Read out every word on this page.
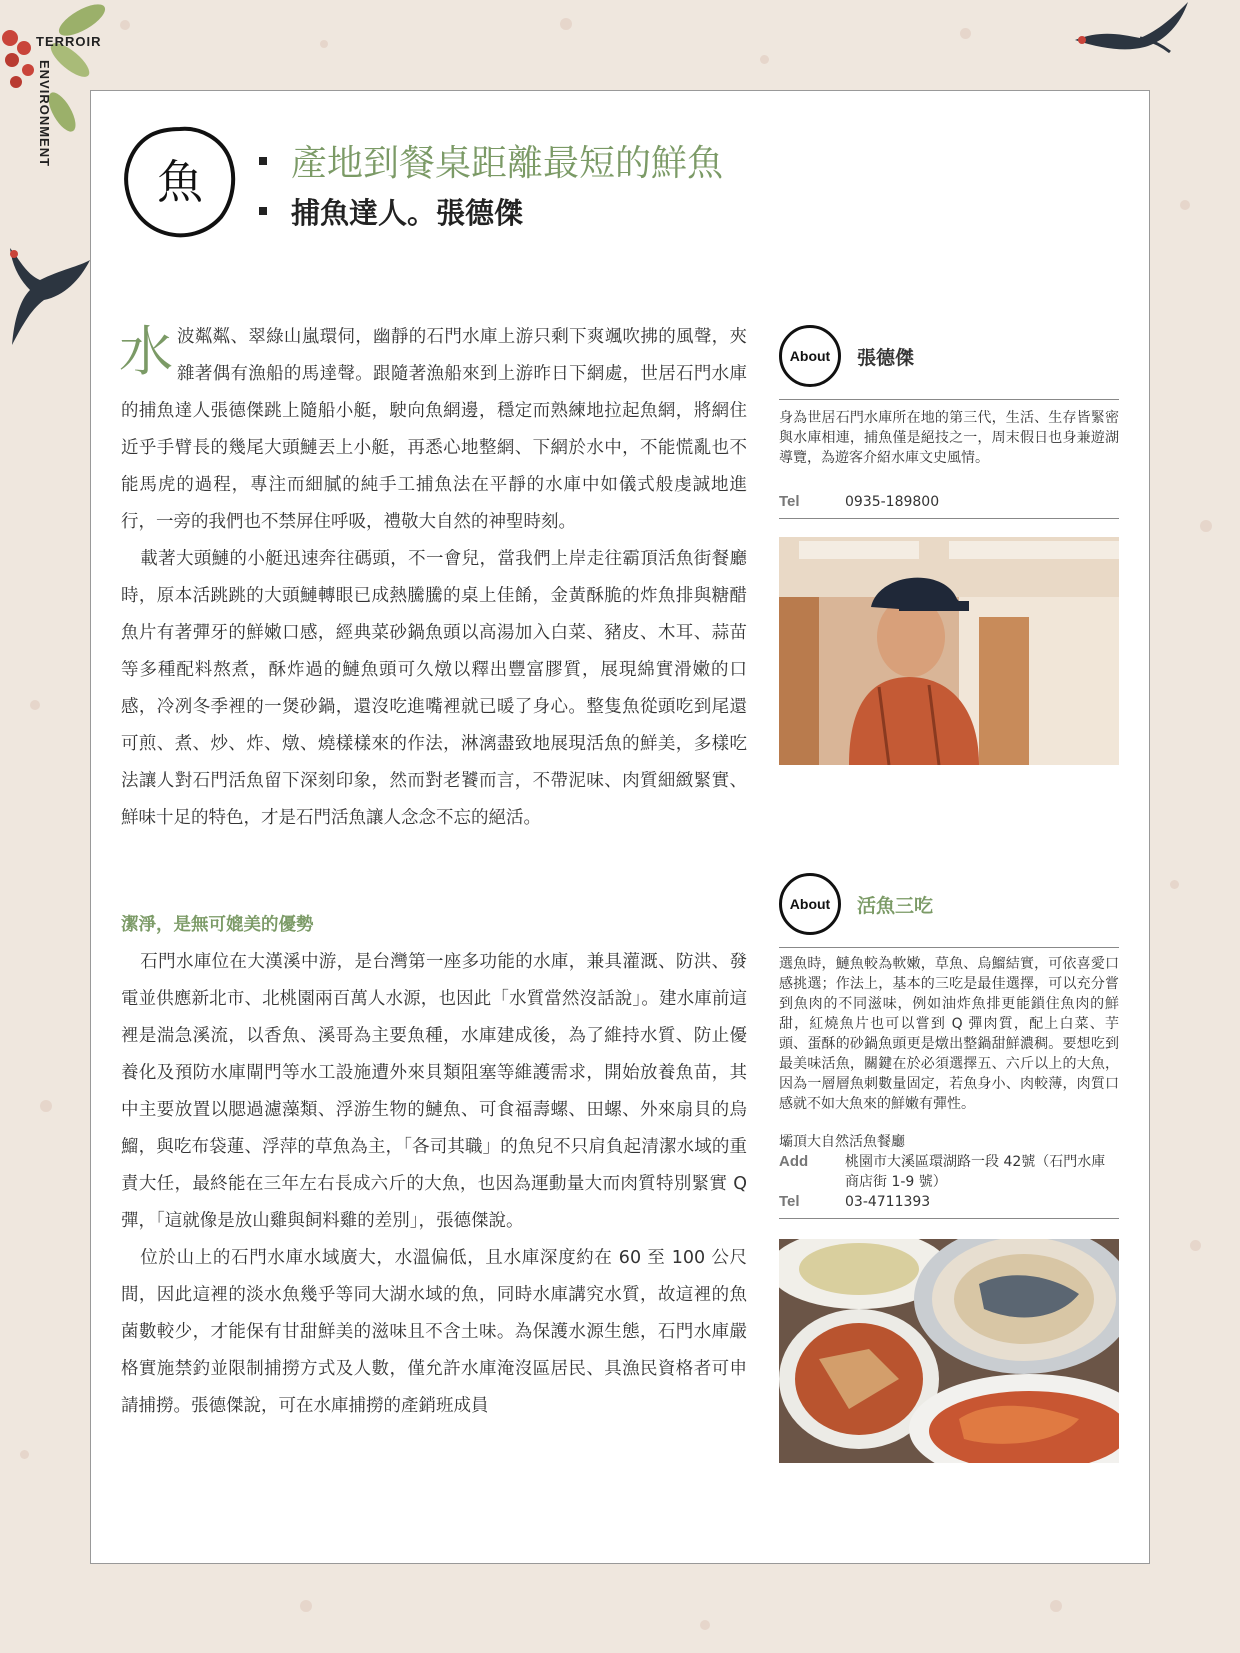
TERROIR
ENVIRONMENT
魚	產地到餐桌距離最短的鮮魚
捕魚達人。張德傑

水波粼粼、翠綠山嵐環伺，幽靜的石門水庫上游只剩下爽颯吹拂的風聲，夾雜著偶有漁船的馬達聲。跟隨著漁船來到上游昨日下網處，世居石門水庫的捕魚達人張德傑跳上隨船小艇，駛向魚網邊，穩定而熟練地拉起魚網，將網住近乎手臂長的幾尾大頭鰱丟上小艇，再悉心地整網、下網於水中，不能慌亂也不能馬虎的過程，專注而細膩的純手工捕魚法在平靜的水庫中如儀式般虔誠地進行，一旁的我們也不禁屏住呼吸，禮敬大自然的神聖時刻。

載著大頭鰱的小艇迅速奔往碼頭，不一會兒，當我們上岸走往霸頂活魚街餐廳時，原本活跳跳的大頭鰱轉眼已成熱騰騰的桌上佳餚，金黃酥脆的炸魚排與糖醋魚片有著彈牙的鮮嫩口感，經典菜砂鍋魚頭以高湯加入白菜、豬皮、木耳、蒜苗等多種配料熬煮，酥炸過的鰱魚頭可久燉以釋出豐富膠質，展現綿實滑嫩的口感，冷冽冬季裡的一煲砂鍋，還沒吃進嘴裡就已暖了身心。整隻魚從頭吃到尾還可煎、煮、炒、炸、燉、燒樣樣來的作法，淋漓盡致地展現活魚的鮮美，多樣吃法讓人對石門活魚留下深刻印象，然而對老饕而言，不帶泥味、肉質細緻緊實、鮮味十足的特色，才是石門活魚讓人念念不忘的絕活。

潔淨，是無可媲美的優勢

石門水庫位在大漢溪中游，是台灣第一座多功能的水庫，兼具灌溉、防洪、發電並供應新北市、北桃園兩百萬人水源，也因此「水質當然沒話說」。建水庫前這裡是湍急溪流，以香魚、溪哥為主要魚種，水庫建成後，為了維持水質、防止優養化及預防水庫閘門等水工設施遭外來貝類阻塞等維護需求，開始放養魚苗，其中主要放置以腮過濾藻類、浮游生物的鰱魚、可食福壽螺、田螺、外來扇貝的烏鰡，與吃布袋蓮、浮萍的草魚為主，「各司其職」的魚兒不只肩負起清潔水域的重責大任，最終能在三年左右長成六斤的大魚，也因為運動量大而肉質特別緊實 Q 彈，「這就像是放山雞與飼料雞的差別」，張德傑說。

位於山上的石門水庫水域廣大，水溫偏低，且水庫深度約在 60 至 100 公尺間，因此這裡的淡水魚幾乎等同大湖水域的魚，同時水庫講究水質，故這裡的魚菌數較少，才能保有甘甜鮮美的滋味且不含土味。為保護水源生態，石門水庫嚴格實施禁釣並限制捕撈方式及人數，僅允許水庫淹沒區居民、具漁民資格者可申請捕撈。張德傑說，可在水庫捕撈的產銷班成員

About	張德傑
身為世居石門水庫所在地的第三代，生活、生存皆緊密與水庫相連，捕魚僅是絕技之一，周末假日也身兼遊湖導覽，為遊客介紹水庫文史風情。
Tel	0935-189800
About	活魚三吃
選魚時，鰱魚較為軟嫩，草魚、烏鰡結實，可依喜愛口感挑選；作法上，基本的三吃是最佳選擇，可以充分嘗到魚肉的不同滋味，例如油炸魚排更能鎖住魚肉的鮮甜，紅燒魚片也可以嘗到 Q 彈肉質，配上白菜、芋頭、蛋酥的砂鍋魚頭更是燉出整鍋甜鮮濃稠。要想吃到最美味活魚，關鍵在於必須選擇五、六斤以上的大魚，因為一層層魚刺數量固定，若魚身小、肉較薄，肉質口感就不如大魚來的鮮嫩有彈性。
壩頂大自然活魚餐廳
Add	桃園市大溪區環湖路一段 42號（石門水庫商店街 1-9 號）
Tel	03-4711393
